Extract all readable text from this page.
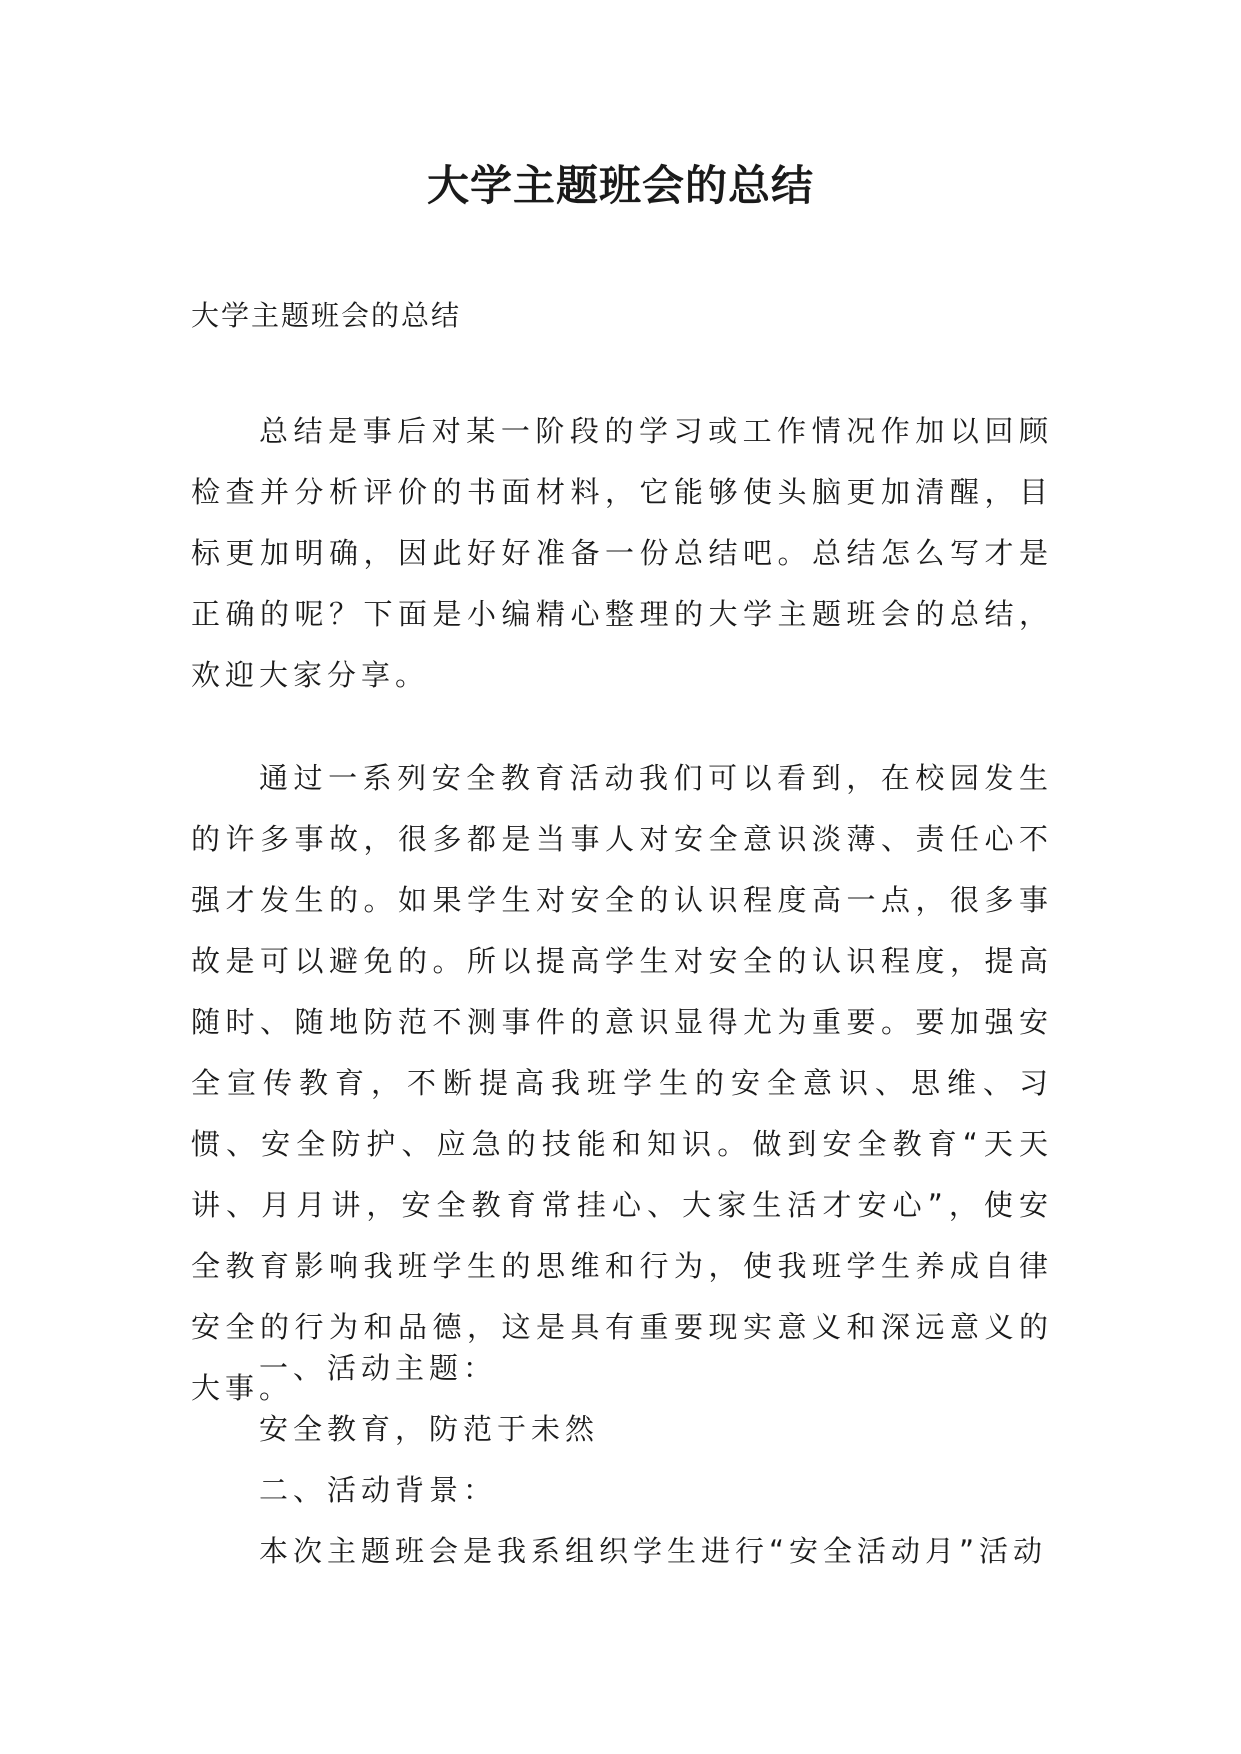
大学主题班会的总结

大学主题班会的总结

总结是事后对某一阶段的学习或工作情况作加以回顾检查并分析评价的书面材料，它能够使头脑更加清醒，目标更加明确，因此好好准备一份总结吧。总结怎么写才是正确的呢？下面是小编精心整理的大学主题班会的总结，欢迎大家分享。

通过一系列安全教育活动我们可以看到，在校园发生的许多事故，很多都是当事人对安全意识淡薄、责任心不强才发生的。如果学生对安全的认识程度高一点，很多事故是可以避免的。所以提高学生对安全的认识程度，提高随时、随地防范不测事件的意识显得尤为重要。要加强安全宣传教育，不断提高我班学生的安全意识、思维、习惯、安全防护、应急的技能和知识。做到安全教育“天天讲、月月讲，安全教育常挂心、大家生活才安心”，使安全教育影响我班学生的思维和行为，使我班学生养成自律安全的行为和品德，这是具有重要现实意义和深远意义的大事。

一、活动主题：

安全教育，防范于未然

二、活动背景：

本次主题班会是我系组织学生进行“安全活动月”活动
